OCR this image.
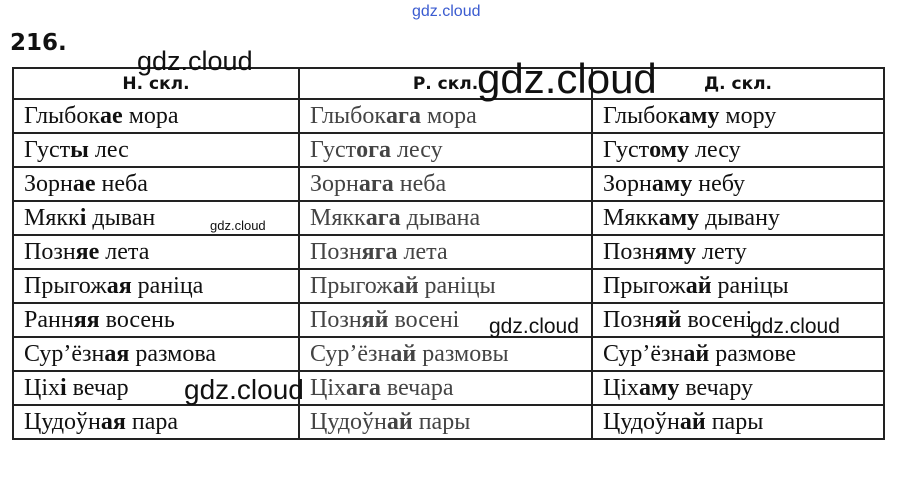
gdz.cloud
216.
Н. скл.	Р. скл.	Д. скл.
Глыбокае мора	Глыбокага мора	Глыбокаму мору
Густы лес	Густога лесу	Густому лесу
Зорнае неба	Зорнага неба	Зорнаму небу
Мяккі дыван	Мяккага дывана	Мяккаму дывану
Позняе лета	Позняга лета	Позняму лету
Прыгожая раніца	Прыгожай раніцы	Прыгожай раніцы
Ранняя восень	Позняй восені	Позняй восені
Сур’ёзная размова	Сур’ёзнай размовы	Сур’ёзнай размове
Ціхі вечар	Ціхага вечара	Ціхаму вечару
Цудоўная пара	Цудоўнай пары	Цудоўнай пары
gdz.cloud	gdz.cloud
gdz.cloud
gdz.cloud	gdz.cloud
gdz.cloud
